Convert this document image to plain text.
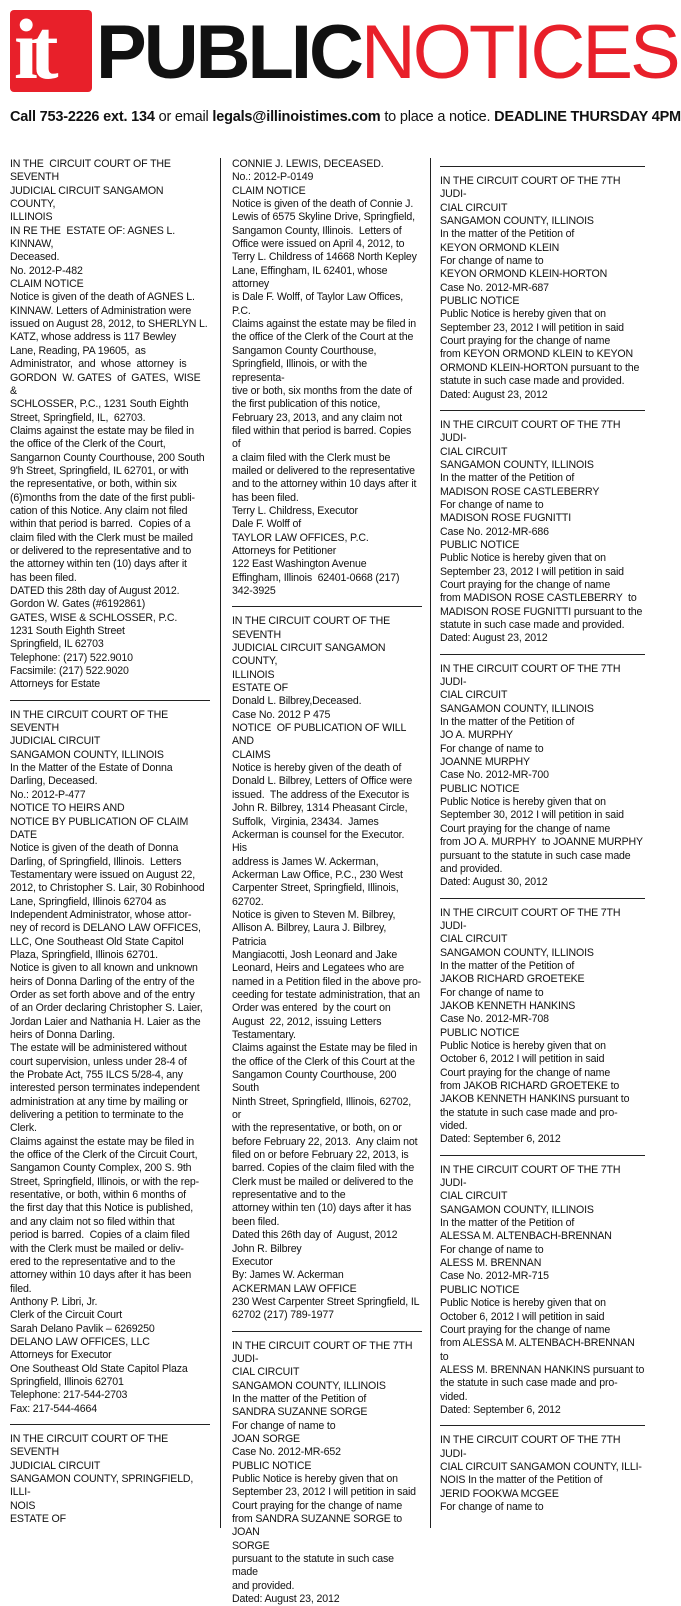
it PUBLICNOTICES
Call 753-2226 ext. 134 or email legals@illinoistimes.com to place a notice. DEADLINE THURSDAY 4PM
IN THE  CIRCUIT COURT OF THE SEVENTH
JUDICIAL CIRCUIT SANGAMON COUNTY,
ILLINOIS
IN RE THE  ESTATE OF: AGNES L. KINNAW,
Deceased.
No. 2012-P-482
CLAIM NOTICE
Notice is given of the death of AGNES L.
KINNAW. Letters of Administration were
issued on August 28, 2012, to SHERLYN L.
KATZ, whose address is 117 Bewley
Lane, Reading, PA 19605,  as
Administrator,  and  whose  attorney  is
GORDON  W. GATES  of  GATES,  WISE &
SCHLOSSER, P.C., 1231 South Eighth
Street, Springfield, IL,  62703.
Claims against the estate may be filed in
the office of the Clerk of the Court,
Sangarnon County Courthouse, 200 South
9'h Street, Springfield, IL 62701, or with
the representative, or both, within six
(6)months from the date of the first publi-
cation of this Notice. Any claim not filed
within that period is barred.  Copies of a
claim filed with the Clerk must be mailed
or delivered to the representative and to
the attorney within ten (10) days after it
has been filed.
DATED this 28th day of August 2012.
Gordon W. Gates (#6192861)
GATES, WISE & SCHLOSSER, P.C.
1231 South Eighth Street
Springfield, IL 62703
Telephone: (217) 522.9010
Facsimile: (217) 522.9020
Attorneys for Estate
IN THE CIRCUIT COURT OF THE SEVENTH
JUDICIAL CIRCUIT
SANGAMON COUNTY, ILLINOIS
In the Matter of the Estate of Donna
Darling, Deceased.
No.: 2012-P-477
NOTICE TO HEIRS AND
NOTICE BY PUBLICATION OF CLAIM DATE
Notice is given of the death of Donna
Darling, of Springfield, Illinois.  Letters
Testamentary were issued on August 22,
2012, to Christopher S. Lair, 30 Robinhood
Lane, Springfield, Illinois 62704 as
Independent Administrator, whose attor-
ney of record is DELANO LAW OFFICES,
LLC, One Southeast Old State Capitol
Plaza, Springfield, Illinois 62701.
Notice is given to all known and unknown
heirs of Donna Darling of the entry of the
Order as set forth above and of the entry
of an Order declaring Christopher S. Laier,
Jordan Laier and Nathania H. Laier as the
heirs of Donna Darling.
The estate will be administered without
court supervision, unless under 28-4 of
the Probate Act, 755 ILCS 5/28-4, any
interested person terminates independent
administration at any time by mailing or
delivering a petition to terminate to the
Clerk.
Claims against the estate may be filed in
the office of the Clerk of the Circuit Court,
Sangamon County Complex, 200 S. 9th
Street, Springfield, Illinois, or with the rep-
resentative, or both, within 6 months of
the first day that this Notice is published,
and any claim not so filed within that
period is barred.  Copies of a claim filed
with the Clerk must be mailed or deliv-
ered to the representative and to the
attorney within 10 days after it has been
filed.
Anthony P. Libri, Jr.
Clerk of the Circuit Court
Sarah Delano Pavlik – 6269250
DELANO LAW OFFICES, LLC
Attorneys for Executor
One Southeast Old State Capitol Plaza
Springfield, Illinois 62701
Telephone: 217-544-2703
Fax: 217-544-4664
IN THE CIRCUIT COURT OF THE SEVENTH
JUDICIAL CIRCUIT
SANGAMON COUNTY, SPRINGFIELD, ILLI-
NOIS
ESTATE OF
CONNIE J. LEWIS, DECEASED.
No.: 2012-P-0149
CLAIM NOTICE
Notice is given of the death of Connie J.
Lewis of 6575 Skyline Drive, Springfield,
Sangamon County, Illinois.  Letters of
Office were issued on April 4, 2012, to
Terry L. Childress of 14668 North Kepley
Lane, Effingham, IL 62401, whose attorney
is Dale F. Wolff, of Taylor Law Offices, P.C.
Claims against the estate may be filed in
the office of the Clerk of the Court at the
Sangamon County Courthouse,
Springfield, Illinois, or with the representa-
tive or both, six months from the date of
the first publication of this notice,
February 23, 2013, and any claim not
filed within that period is barred. Copies of
a claim filed with the Clerk must be
mailed or delivered to the representative
and to the attorney within 10 days after it
has been filed.
Terry L. Childress, Executor
Dale F. Wolff of
TAYLOR LAW OFFICES, P.C.
Attorneys for Petitioner
122 East Washington Avenue
Effingham, Illinois  62401-0668 (217)
342-3925
IN THE CIRCUIT COURT OF THE SEVENTH
JUDICIAL CIRCUIT SANGAMON COUNTY,
ILLINOIS
ESTATE OF
Donald L. Bilbrey,Deceased.
Case No. 2012 P 475
NOTICE  OF PUBLICATION OF WILL AND
CLAIMS
Notice is hereby given of the death of
Donald L. Bilbrey, Letters of Office were
issued.  The address of the Executor is
John R. Bilbrey, 1314 Pheasant Circle,
Suffolk,  Virginia, 23434.  James
Ackerman is counsel for the Executor.  His
address is James W. Ackerman,
Ackerman Law Office, P.C., 230 West
Carpenter Street, Springfield, Illinois,
62702.
Notice is given to Steven M. Bilbrey,
Allison A. Bilbrey, Laura J. Bilbrey, Patricia
Mangiacotti, Josh Leonard and Jake
Leonard, Heirs and Legatees who are
named in a Petition filed in the above pro-
ceeding for testate administration, that an
Order was entered  by the court on
August  22, 2012, issuing Letters
Testamentary.
Claims against the Estate may be filed in
the office of the Clerk of this Court at the
Sangamon County Courthouse, 200 South
Ninth Street, Springfield, Illinois, 62702, or
with the representative, or both, on or
before February 22, 2013.  Any claim not
filed on or before February 22, 2013, is
barred. Copies of the claim filed with the
Clerk must be mailed or delivered to the
representative and to the
attorney within ten (10) days after it has
been filed.
Dated this 26th day of  August, 2012
John R. Bilbrey
Executor
By: James W. Ackerman
ACKERMAN LAW OFFICE
230 West Carpenter Street Springfield, IL
62702 (217) 789-1977
IN THE CIRCUIT COURT OF THE 7TH JUDI-
CIAL CIRCUIT
SANGAMON COUNTY, ILLINOIS
In the matter of the Petition of
SANDRA SUZANNE SORGE
For change of name to
JOAN SORGE
Case No. 2012-MR-652
PUBLIC NOTICE
Public Notice is hereby given that on
September 23, 2012 I will petition in said
Court praying for the change of name
from SANDRA SUZANNE SORGE to JOAN
SORGE
pursuant to the statute in such case made
and provided.
Dated: August 23, 2012
IN THE CIRCUIT COURT OF THE 7TH JUDI-
CIAL CIRCUIT
SANGAMON COUNTY, ILLINOIS
In the matter of the Petition of
KEYON ORMOND KLEIN
For change of name to
KEYON ORMOND KLEIN-HORTON
Case No. 2012-MR-687
PUBLIC NOTICE
Public Notice is hereby given that on
September 23, 2012 I will petition in said
Court praying for the change of name
from KEYON ORMOND KLEIN to KEYON
ORMOND KLEIN-HORTON pursuant to the
statute in such case made and provided.
Dated: August 23, 2012
IN THE CIRCUIT COURT OF THE 7TH JUDI-
CIAL CIRCUIT
SANGAMON COUNTY, ILLINOIS
In the matter of the Petition of
MADISON ROSE CASTLEBERRY
For change of name to
MADISON ROSE FUGNITTI
Case No. 2012-MR-686
PUBLIC NOTICE
Public Notice is hereby given that on
September 23, 2012 I will petition in said
Court praying for the change of name
from MADISON ROSE CASTLEBERRY  to
MADISON ROSE FUGNITTI pursuant to the
statute in such case made and provided.
Dated: August 23, 2012
IN THE CIRCUIT COURT OF THE 7TH JUDI-
CIAL CIRCUIT
SANGAMON COUNTY, ILLINOIS
In the matter of the Petition of
JO A. MURPHY
For change of name to
JOANNE MURPHY
Case No. 2012-MR-700
PUBLIC NOTICE
Public Notice is hereby given that on
September 30, 2012 I will petition in said
Court praying for the change of name
from JO A. MURPHY  to JOANNE MURPHY
pursuant to the statute in such case made
and provided.
Dated: August 30, 2012
IN THE CIRCUIT COURT OF THE 7TH JUDI-
CIAL CIRCUIT
SANGAMON COUNTY, ILLINOIS
In the matter of the Petition of
JAKOB RICHARD GROETEKE
For change of name to
JAKOB KENNETH HANKINS
Case No. 2012-MR-708
PUBLIC NOTICE
Public Notice is hereby given that on
October 6, 2012 I will petition in said
Court praying for the change of name
from JAKOB RICHARD GROETEKE to
JAKOB KENNETH HANKINS pursuant to
the statute in such case made and pro-
vided.
Dated: September 6, 2012
IN THE CIRCUIT COURT OF THE 7TH JUDI-
CIAL CIRCUIT
SANGAMON COUNTY, ILLINOIS
In the matter of the Petition of
ALESSA M. ALTENBACH-BRENNAN
For change of name to
ALESS M. BRENNAN
Case No. 2012-MR-715
PUBLIC NOTICE
Public Notice is hereby given that on
October 6, 2012 I will petition in said
Court praying for the change of name
from ALESSA M. ALTENBACH-BRENNAN
to
ALESS M. BRENNAN HANKINS pursuant to
the statute in such case made and pro-
vided.
Dated: September 6, 2012
IN THE CIRCUIT COURT OF THE 7TH JUDI-
CIAL CIRCUIT SANGAMON COUNTY, ILLI-
NOIS In the matter of the Petition of
JERID FOOKWA MCGEE
For change of name to
